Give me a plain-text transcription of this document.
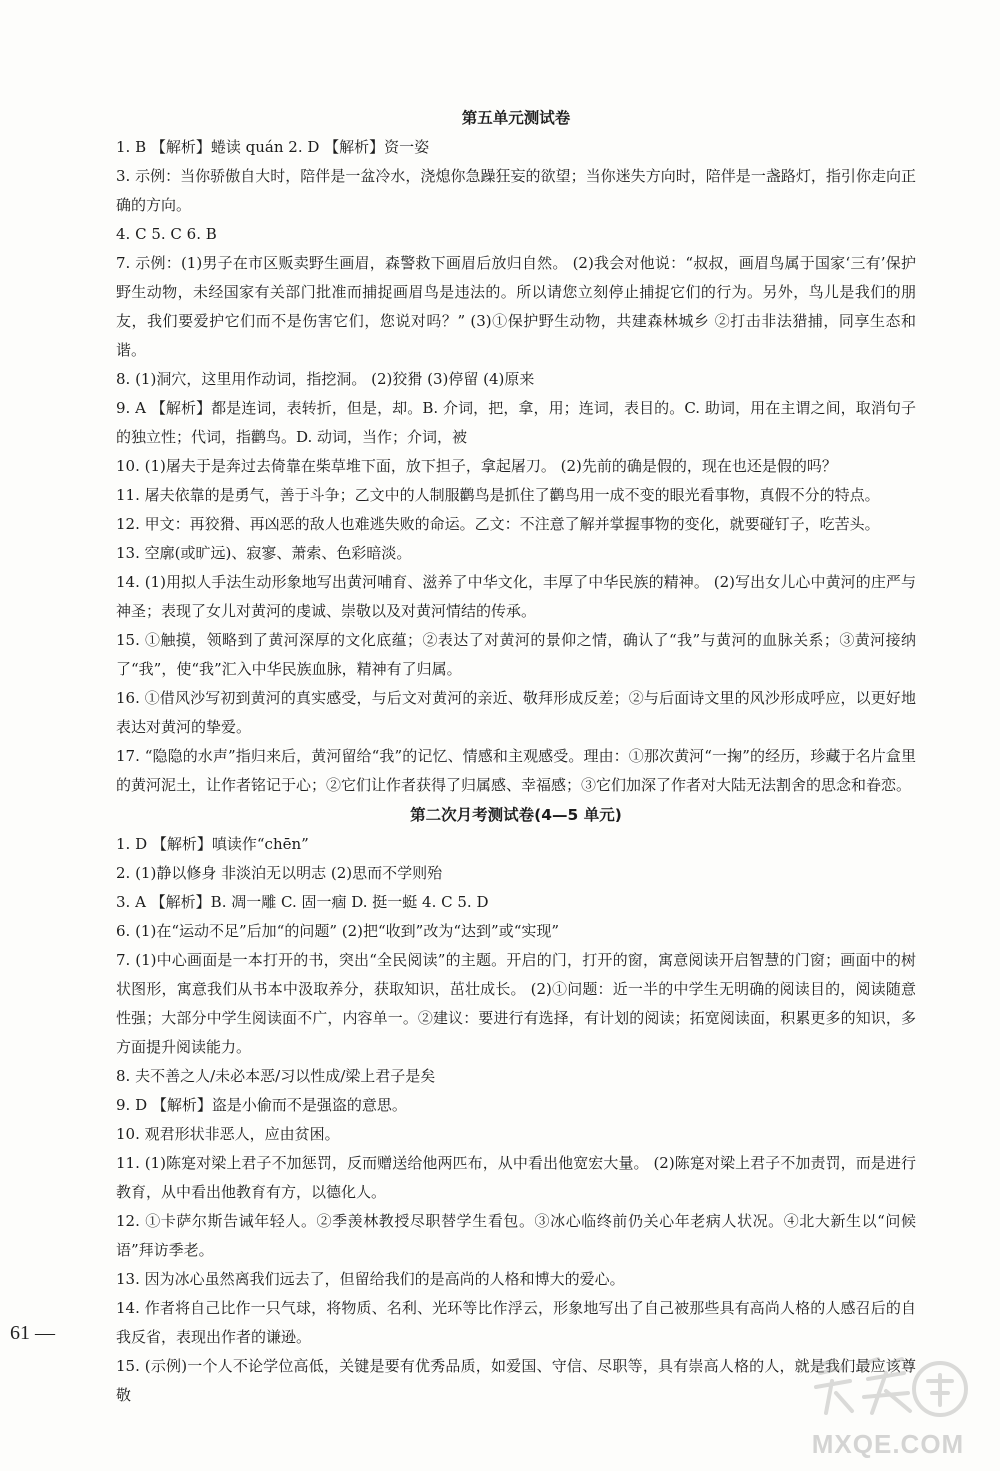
第五单元测试卷

1. B 【解析】蜷读 quán 2. D 【解析】资一姿

3. 示例：当你骄傲自大时，陪伴是一盆冷水，浇熄你急躁狂妄的欲望；当你迷失方向时，陪伴是一盏路灯，指引你走向正确的方向。

4. C 5. C 6. B

7. 示例：(1)男子在市区贩卖野生画眉，森警救下画眉后放归自然。 (2)我会对他说：“叔叔，画眉鸟属于国家‘三有’保护野生动物，未经国家有关部门批准而捕捉画眉鸟是违法的。所以请您立刻停止捕捉它们的行为。另外，鸟儿是我们的朋友，我们要爱护它们而不是伤害它们，您说对吗？” (3)①保护野生动物，共建森林城乡 ②打击非法猎捕，同享生态和谐。

8. (1)洞穴，这里用作动词，指挖洞。 (2)狡猾 (3)停留 (4)原来

9. A 【解析】都是连词，表转折，但是，却。B. 介词，把，拿，用；连词，表目的。C. 助词，用在主谓之间，取消句子的独立性；代词，指鹳鸟。D. 动词，当作；介词，被

10. (1)屠夫于是奔过去倚靠在柴草堆下面，放下担子，拿起屠刀。 (2)先前的确是假的，现在也还是假的吗？

11. 屠夫依靠的是勇气，善于斗争；乙文中的人制服鹳鸟是抓住了鹳鸟用一成不变的眼光看事物，真假不分的特点。

12. 甲文：再狡猾、再凶恶的敌人也难逃失败的命运。乙文：不注意了解并掌握事物的变化，就要碰钉子，吃苦头。

13. 空廓(或旷远)、寂寥、萧索、色彩暗淡。

14. (1)用拟人手法生动形象地写出黄河哺育、滋养了中华文化，丰厚了中华民族的精神。 (2)写出女儿心中黄河的庄严与神圣；表现了女儿对黄河的虔诚、崇敬以及对黄河情结的传承。

15. ①触摸，领略到了黄河深厚的文化底蕴；②表达了对黄河的景仰之情，确认了“我”与黄河的血脉关系；③黄河接纳了“我”，使“我”汇入中华民族血脉，精神有了归属。

16. ①借风沙写初到黄河的真实感受，与后文对黄河的亲近、敬拜形成反差；②与后面诗文里的风沙形成呼应，以更好地表达对黄河的挚爱。

17. “隐隐的水声”指归来后，黄河留给“我”的记忆、情感和主观感受。理由：①那次黄河“一掬”的经历，珍藏于名片盒里的黄河泥土，让作者铭记于心；②它们让作者获得了归属感、幸福感；③它们加深了作者对大陆无法割舍的思念和眷恋。

第二次月考测试卷(4—5 单元)

1. D 【解析】嗔读作“chēn”

2. (1)静以修身 非淡泊无以明志 (2)思而不学则殆

3. A 【解析】B. 凋一雕 C. 固一痼 D. 挺一蜓 4. C 5. D

6. (1)在“运动不足”后加“的问题” (2)把“收到”改为“达到”或“实现”

7. (1)中心画面是一本打开的书，突出“全民阅读”的主题。开启的门，打开的窗，寓意阅读开启智慧的门窗；画面中的树状图形，寓意我们从书本中汲取养分，获取知识，茁壮成长。 (2)①问题：近一半的中学生无明确的阅读目的，阅读随意性强；大部分中学生阅读面不广，内容单一。②建议：要进行有选择，有计划的阅读；拓宽阅读面，积累更多的知识，多方面提升阅读能力。

8. 夫不善之人/未必本恶/习以性成/梁上君子是矣

9. D 【解析】盗是小偷而不是强盗的意思。

10. 观君形状非恶人，应由贫困。

11. (1)陈寔对梁上君子不加惩罚，反而赠送给他两匹布，从中看出他宽宏大量。 (2)陈寔对梁上君子不加责罚，而是进行教育，从中看出他教育有方，以德化人。

12. ①卡萨尔斯告诫年轻人。②季羡林教授尽职替学生看包。③冰心临终前仍关心年老病人状况。④北大新生以“问候语”拜访季老。

13. 因为冰心虽然离我们远去了，但留给我们的是高尚的人格和博大的爱心。

14. 作者将自己比作一只气球，将物质、名利、光环等比作浮云，形象地写出了自己被那些具有高尚人格的人感召后的自我反省，表现出作者的谦逊。

15. (示例)一个人不论学位高低，关键是要有优秀品质，如爱国、守信、尽职等，具有崇高人格的人，就是我们最应该尊敬

61 —
MXQE.COM
